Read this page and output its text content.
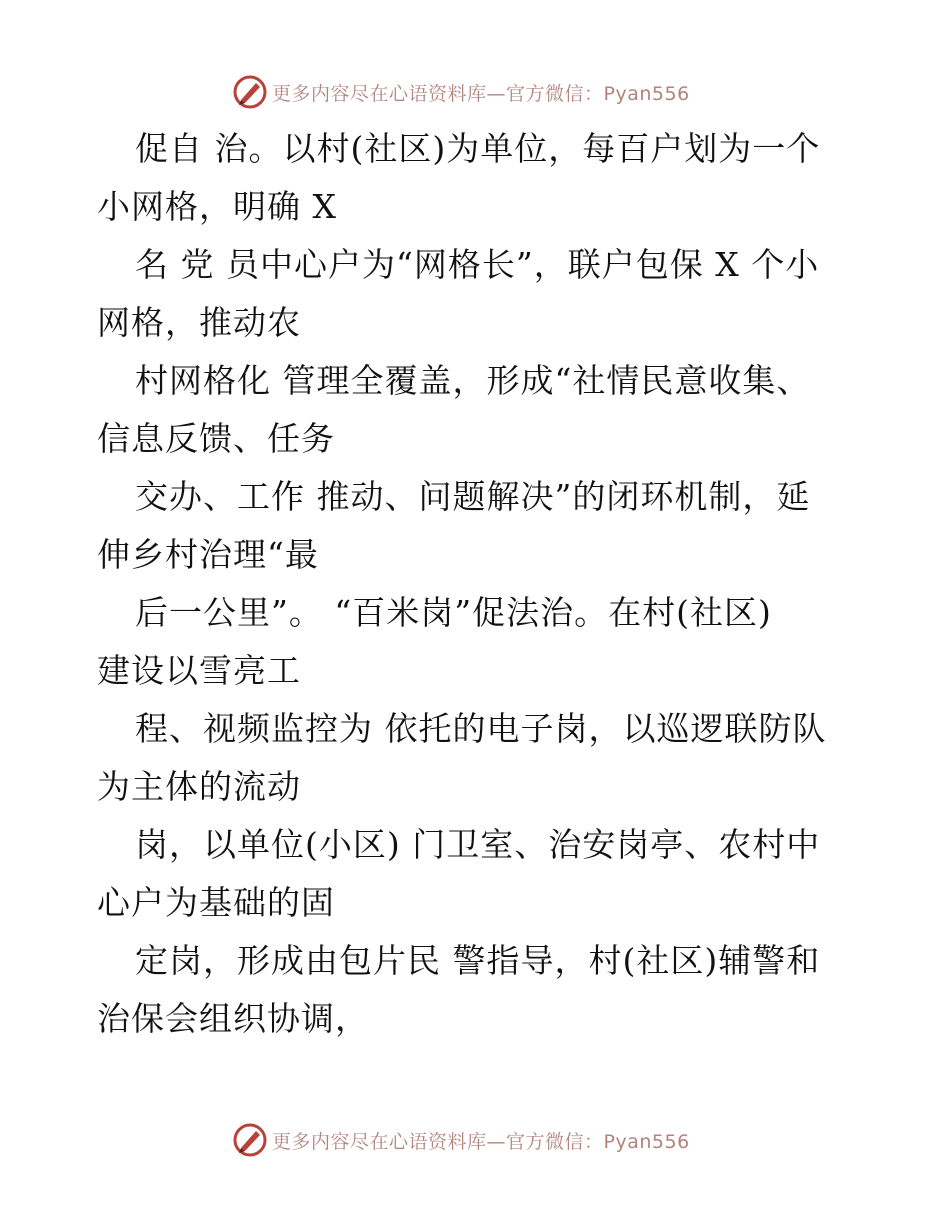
更多内容尽在心语资料库—官方微信：Pyan556
促自 治。以村(社区)为单位，每百户划为一个
小网格，明确 X
名 党 员中心户为“网格长”，联户包保 X 个小
网格，推动农
村网格化 管理全覆盖，形成“社情民意收集、
信息反馈、任务
交办、工作 推动、问题解决”的闭环机制，延
伸乡村治理“最
后一公里”。 “百米岗”促法治。在村(社区)
建设以雪亮工
程、视频监控为 依托的电子岗，以巡逻联防队
为主体的流动
岗，以单位(小区) 门卫室、治安岗亭、农村中
心户为基础的固
定岗，形成由包片民 警指导，村(社区)辅警和
治保会组织协调，
更多内容尽在心语资料库—官方微信：Pyan556
